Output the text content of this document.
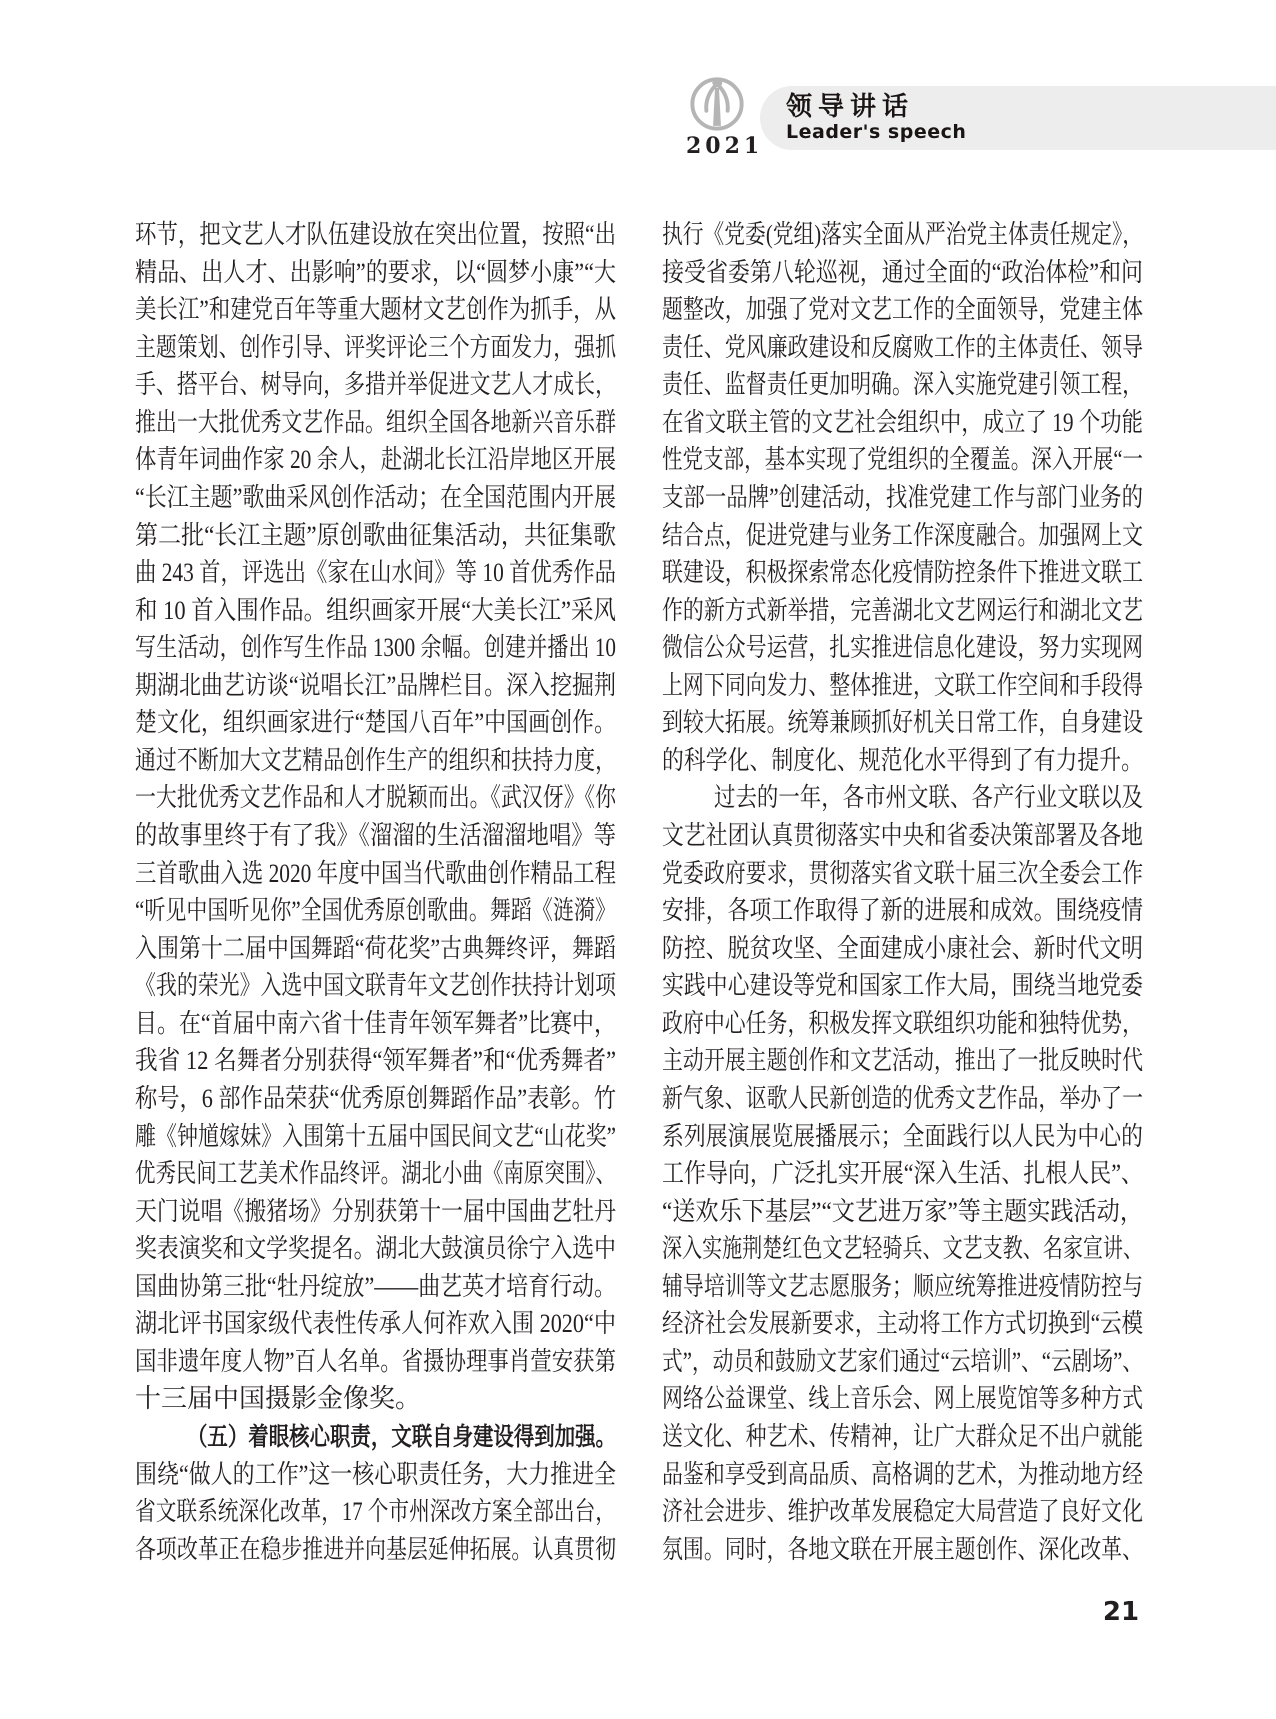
2021
领导讲话
Leader's speech
环节，把文艺人才队伍建设放在突出位置，按照“出
精品、出人才、出影响”的要求，以“圆梦小康”“大
美长江”和建党百年等重大题材文艺创作为抓手，从
主题策划、创作引导、评奖评论三个方面发力，强抓
手、搭平台、树导向，多措并举促进文艺人才成长，
推出一大批优秀文艺作品。组织全国各地新兴音乐群
体青年词曲作家 20 余人，赴湖北长江沿岸地区开展
“长江主题”歌曲采风创作活动；在全国范围内开展
第二批“长江主题”原创歌曲征集活动，共征集歌
曲 243 首，评选出《家在山水间》等 10 首优秀作品
和 10 首入围作品。组织画家开展“大美长江”采风
写生活动，创作写生作品 1300 余幅。创建并播出 10
期湖北曲艺访谈“说唱长江”品牌栏目。深入挖掘荆
楚文化，组织画家进行“楚国八百年”中国画创作。
通过不断加大文艺精品创作生产的组织和扶持力度，
一大批优秀文艺作品和人才脱颖而出。《武汉伢》《你
的故事里终于有了我》《溜溜的生活溜溜地唱》等
三首歌曲入选 2020 年度中国当代歌曲创作精品工程
“听见中国听见你”全国优秀原创歌曲。舞蹈《涟漪》
入围第十二届中国舞蹈“荷花奖”古典舞终评，舞蹈
《我的荣光》入选中国文联青年文艺创作扶持计划项
目。在“首届中南六省十佳青年领军舞者”比赛中，
我省 12 名舞者分别获得“领军舞者”和“优秀舞者”
称号，6 部作品荣获“优秀原创舞蹈作品”表彰。竹
雕《钟馗嫁妹》入围第十五届中国民间文艺“山花奖”
优秀民间工艺美术作品终评。湖北小曲《南原突围》、
天门说唱《搬猪场》分别获第十一届中国曲艺牡丹
奖表演奖和文学奖提名。湖北大鼓演员徐宁入选中
国曲协第三批“牡丹绽放”——曲艺英才培育行动。
湖北评书国家级代表性传承人何祚欢入围 2020“中
国非遗年度人物”百人名单。省摄协理事肖萱安获第
十三届中国摄影金像奖。
（五）着眼核心职责，文联自身建设得到加强。
围绕“做人的工作”这一核心职责任务，大力推进全
省文联系统深化改革，17 个市州深改方案全部出台，
各项改革正在稳步推进并向基层延伸拓展。认真贯彻
执行《党委(党组)落实全面从严治党主体责任规定》，
接受省委第八轮巡视，通过全面的“政治体检”和问
题整改，加强了党对文艺工作的全面领导，党建主体
责任、党风廉政建设和反腐败工作的主体责任、领导
责任、监督责任更加明确。深入实施党建引领工程，
在省文联主管的文艺社会组织中，成立了 19 个功能
性党支部，基本实现了党组织的全覆盖。深入开展“一
支部一品牌”创建活动，找准党建工作与部门业务的
结合点，促进党建与业务工作深度融合。加强网上文
联建设，积极探索常态化疫情防控条件下推进文联工
作的新方式新举措，完善湖北文艺网运行和湖北文艺
微信公众号运营，扎实推进信息化建设，努力实现网
上网下同向发力、整体推进，文联工作空间和手段得
到较大拓展。统筹兼顾抓好机关日常工作，自身建设
的科学化、制度化、规范化水平得到了有力提升。
过去的一年，各市州文联、各产行业文联以及
文艺社团认真贯彻落实中央和省委决策部署及各地
党委政府要求，贯彻落实省文联十届三次全委会工作
安排，各项工作取得了新的进展和成效。围绕疫情
防控、脱贫攻坚、全面建成小康社会、新时代文明
实践中心建设等党和国家工作大局，围绕当地党委
政府中心任务，积极发挥文联组织功能和独特优势，
主动开展主题创作和文艺活动，推出了一批反映时代
新气象、讴歌人民新创造的优秀文艺作品，举办了一
系列展演展览展播展示；全面践行以人民为中心的
工作导向，广泛扎实开展“深入生活、扎根人民”、
“送欢乐下基层”“文艺进万家”等主题实践活动，
深入实施荆楚红色文艺轻骑兵、文艺支教、名家宣讲、
辅导培训等文艺志愿服务；顺应统筹推进疫情防控与
经济社会发展新要求，主动将工作方式切换到“云模
式”，动员和鼓励文艺家们通过“云培训”、“云剧场”、
网络公益课堂、线上音乐会、网上展览馆等多种方式
送文化、种艺术、传精神，让广大群众足不出户就能
品鉴和享受到高品质、高格调的艺术，为推动地方经
济社会进步、维护改革发展稳定大局营造了良好文化
氛围。同时，各地文联在开展主题创作、深化改革、
21
